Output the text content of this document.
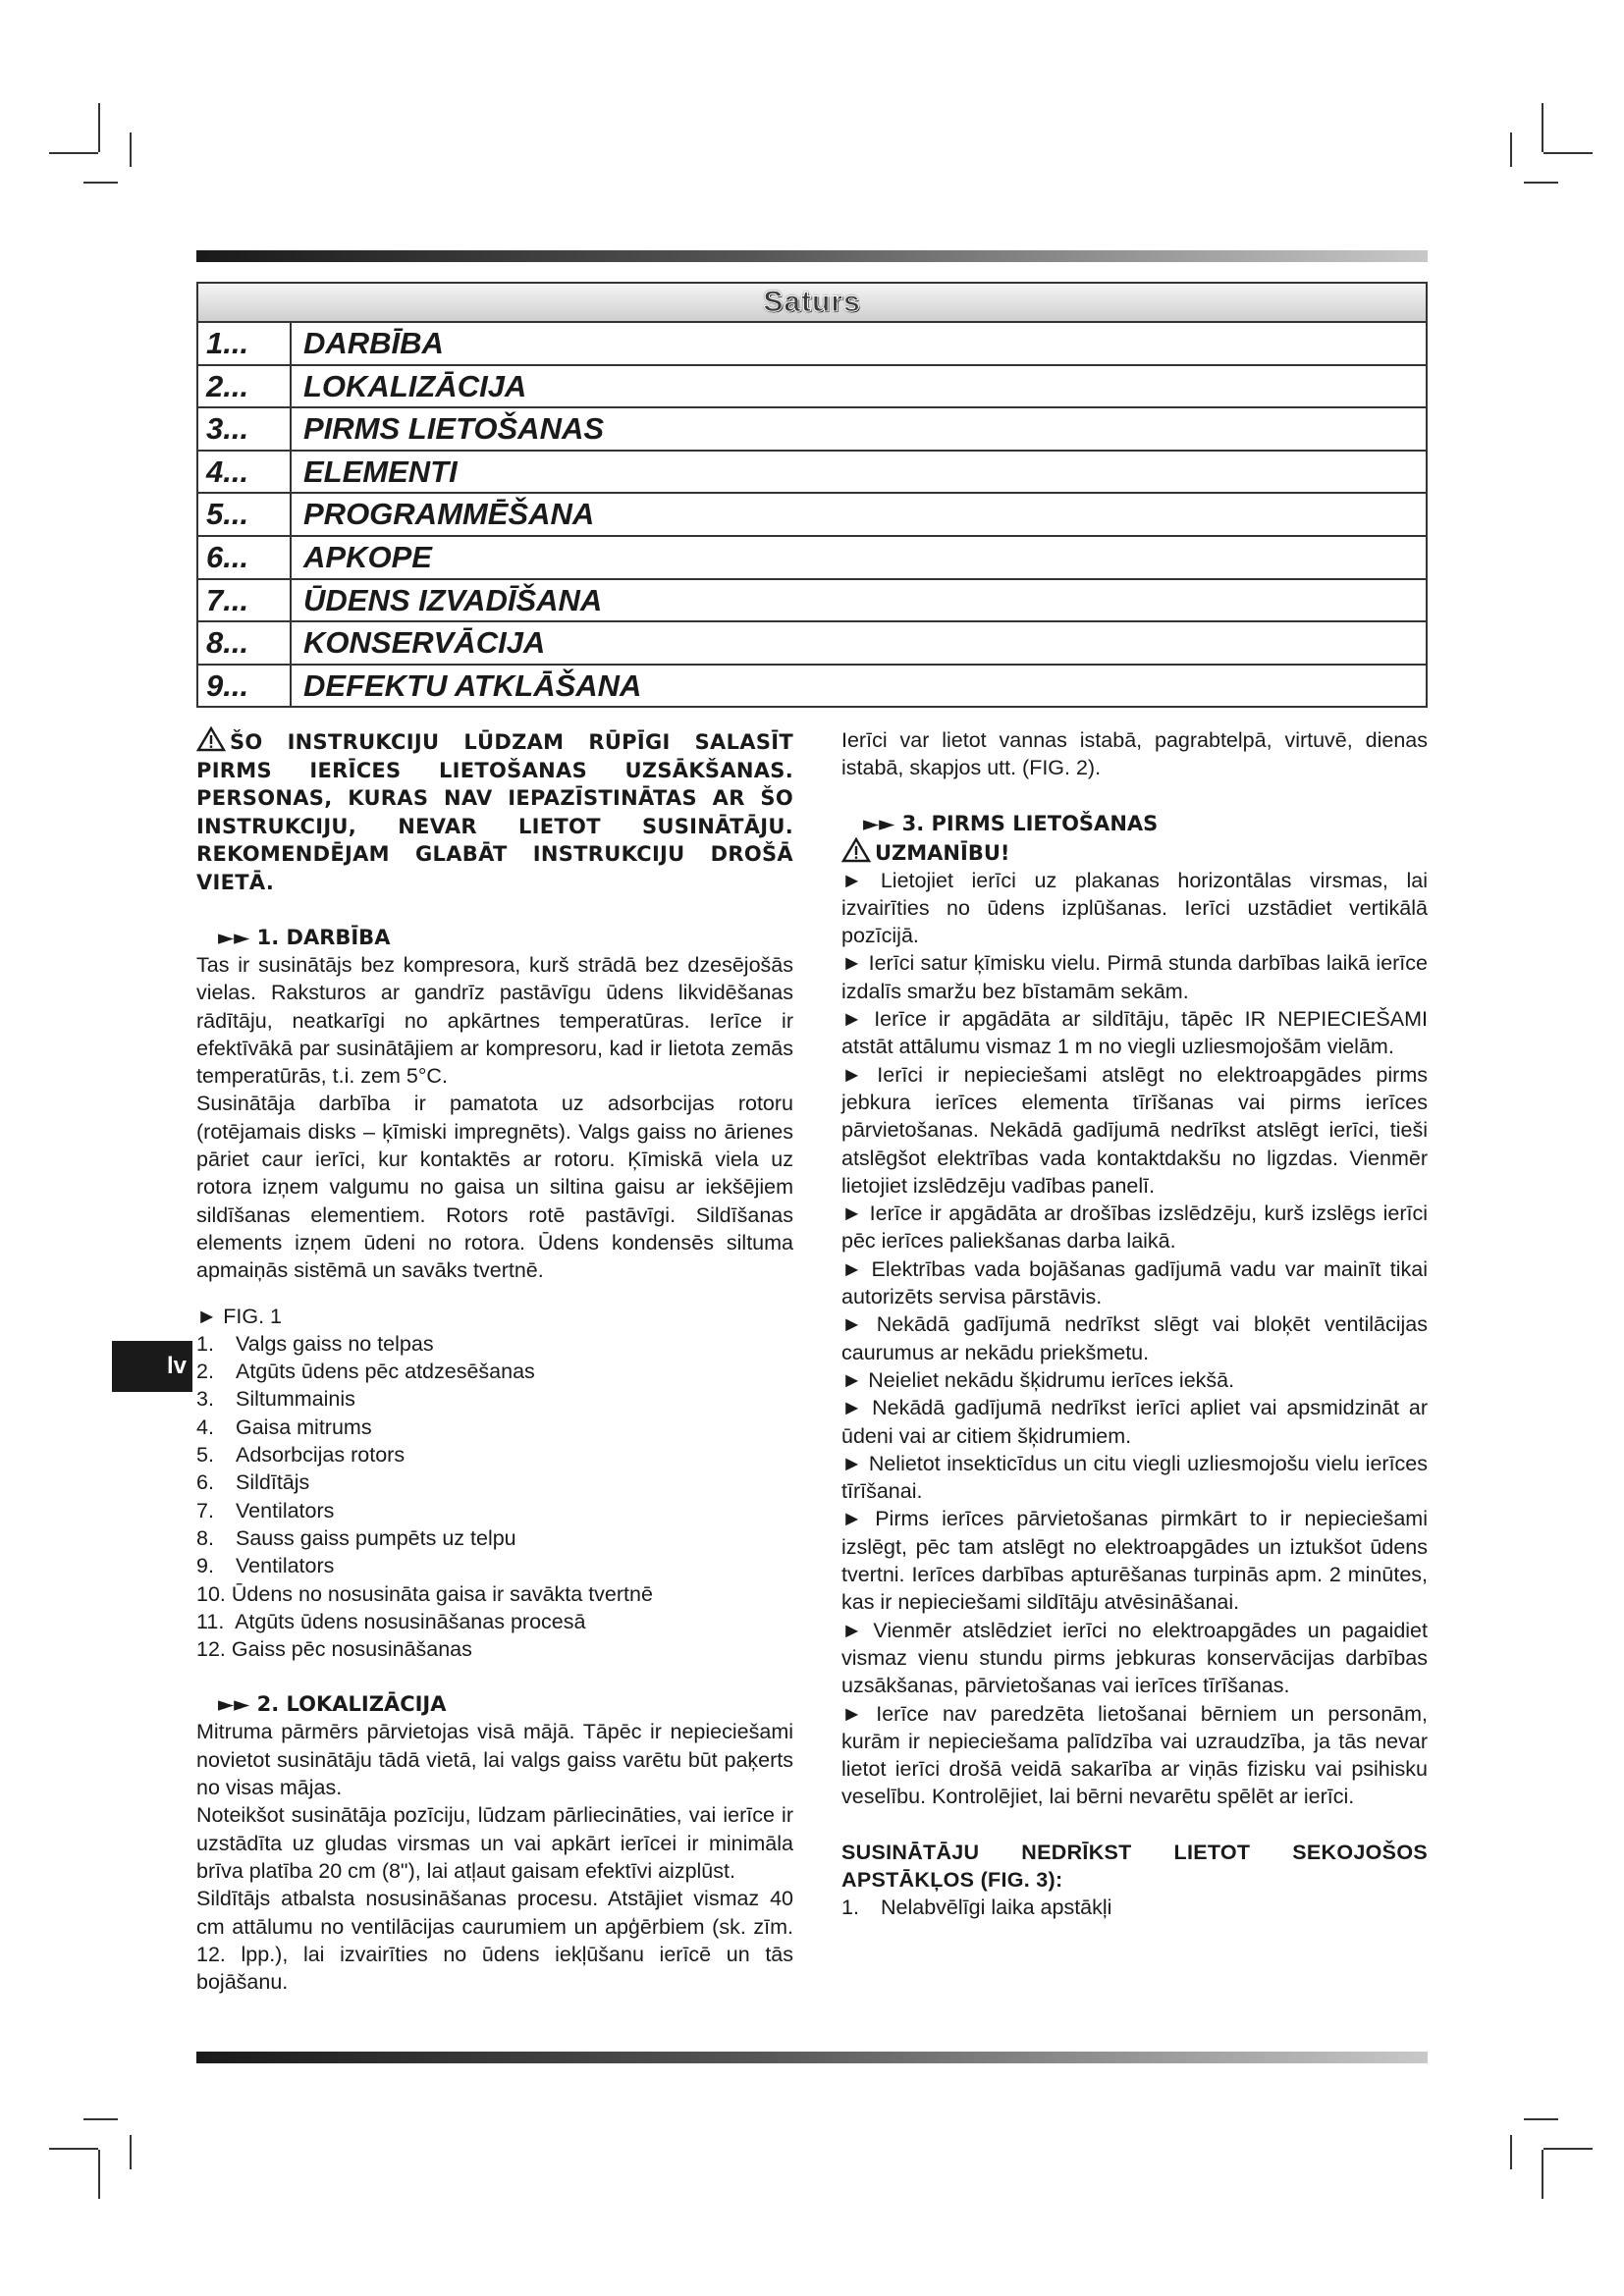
Saturs
1...	DARBĪBA
2...	LOKALIZĀCIJA
3...	PIRMS LIETOŠANAS
4...	ELEMENTI
5...	PROGRAMMĒŠANA
6...	APKOPE
7...	ŪDENS IZVADĪŠANA
8...	KONSERVĀCIJA
9...	DEFEKTU ATKLĀŠANA
lv
ŠO INSTRUKCIJU LŪDZAM RŪPĪGI SALASĪT PIRMS IERĪCES LIETOŠANAS UZSĀKŠANAS. PERSONAS, KURAS NAV IEPAZĪSTINĀTAS AR ŠO INSTRUKCIJU, NEVAR LIETOT SUSINĀTĀJU. REKOMENDĒJAM GLABĀT INSTRUKCIJU DROŠĀ VIETĀ.
►► 1. DARBĪBA
Tas ir susinātājs bez kompresora, kurš strādā bez dzesējošās vielas. Raksturos ar gandrīz pastāvīgu ūdens likvidēšanas rādītāju, neatkarīgi no apkārtnes temperatūras. Ierīce ir efektīvākā par susinātājiem ar kompresoru, kad ir lietota zemās temperatūrās, t.i. zem 5°C.
Susinātāja darbība ir pamatota uz adsorbcijas rotoru (rotējamais disks – ķīmiski impregnēts). Valgs gaiss no ārienes pāriet caur ierīci, kur kontaktēs ar rotoru. Ķīmiskā viela uz rotora izņem valgumu no gaisa un siltina gaisu ar iekšējiem sildīšanas elementiem. Rotors rotē pastāvīgi. Sildīšanas elements izņem ūdeni no rotora. Ūdens kondensēs siltuma apmaiņās sistēmā un savāks tvertnē.
► FIG. 1
1.	Valgs gaiss no telpas
2.	Atgūts ūdens pēc atdzesēšanas
3.	Siltummainis
4.	Gaisa mitrums
5.	Adsorbcijas rotors
6.	Sildītājs
7.	Ventilators
8.	Sauss gaiss pumpēts uz telpu
9.	Ventilators
10. Ūdens no nosusināta gaisa ir savākta tvertnē
11. Atgūts ūdens nosusināšanas procesā
12. Gaiss pēc nosusināšanas
►► 2. LOKALIZĀCIJA
Mitruma pārmērs pārvietojas visā mājā. Tāpēc ir nepieciešami novietot susinātāju tādā vietā, lai valgs gaiss varētu būt paķerts no visas mājas.
Noteikšot susinātāja pozīciju, lūdzam pārliecināties, vai ierīce ir uzstādīta uz gludas virsmas un vai apkārt ierīcei ir minimāla brīva platība 20 cm (8"), lai atļaut gaisam efektīvi aizplūst.
Sildītājs atbalsta nosusināšanas procesu. Atstājiet vismaz 40 cm attālumu no ventilācijas caurumiem un apģērbiem (sk. zīm. 12. lpp.), lai izvairīties no ūdens iekļūšanu ierīcē un tās bojāšanu.
Ierīci var lietot vannas istabā, pagrabtelpā, virtuvē, dienas istabā, skapjos utt. (FIG. 2).
►► 3. PIRMS LIETOŠANAS
UZMANĪBU!
► Lietojiet ierīci uz plakanas horizontālas virsmas, lai izvairīties no ūdens izplūšanas. Ierīci uzstādiet vertikālā pozīcijā.
► Ierīci satur ķīmisku vielu. Pirmā stunda darbības laikā ierīce izdalīs smaržu bez bīstamām sekām.
► Ierīce ir apgādāta ar sildītāju, tāpēc IR NEPIECIEŠAMI atstāt attālumu vismaz 1 m no viegli uzliesmojošām vielām.
► Ierīci ir nepieciešami atslēgt no elektroapgādes pirms jebkura ierīces elementa tīrīšanas vai pirms ierīces pārvietošanas. Nekādā gadījumā nedrīkst atslēgt ierīci, tieši atslēgšot elektrības vada kontaktdakšu no ligzdas. Vienmēr lietojiet izslēdzēju vadības panelī.
► Ierīce ir apgādāta ar drošības izslēdzēju, kurš izslēgs ierīci pēc ierīces paliekšanas darba laikā.
► Elektrības vada bojāšanas gadījumā vadu var mainīt tikai autorizēts servisa pārstāvis.
► Nekādā gadījumā nedrīkst slēgt vai bloķēt ventilācijas caurumus ar nekādu priekšmetu.
► Neieliet nekādu šķidrumu ierīces iekšā.
► Nekādā gadījumā nedrīkst ierīci apliet vai apsmidzināt ar ūdeni vai ar citiem šķidrumiem.
► Nelietot insekticīdus un citu viegli uzliesmojošu vielu ierīces tīrīšanai.
► Pirms ierīces pārvietošanas pirmkārt to ir nepieciešami izslēgt, pēc tam atslēgt no elektroapgādes un iztukšot ūdens tvertni. Ierīces darbības apturēšanas turpinās apm. 2 minūtes, kas ir nepieciešami sildītāju atvēsināšanai.
► Vienmēr atslēdziet ierīci no elektroapgādes un pagaidiet vismaz vienu stundu pirms jebkuras konservācijas darbības uzsākšanas, pārvietošanas vai ierīces tīrīšanas.
► Ierīce nav paredzēta lietošanai bērniem un personām, kurām ir nepieciešama palīdzība vai uzraudzība, ja tās nevar lietot ierīci drošā veidā sakarība ar viņās fizisku vai psihisku veselību. Kontrolējiet, lai bērni nevarētu spēlēt ar ierīci.
SUSINĀTĀJU NEDRĪKST LIETOT SEKOJOŠOS APSTĀKĻOS (FIG. 3):
1.	Nelabvēlīgi laika apstākļi
